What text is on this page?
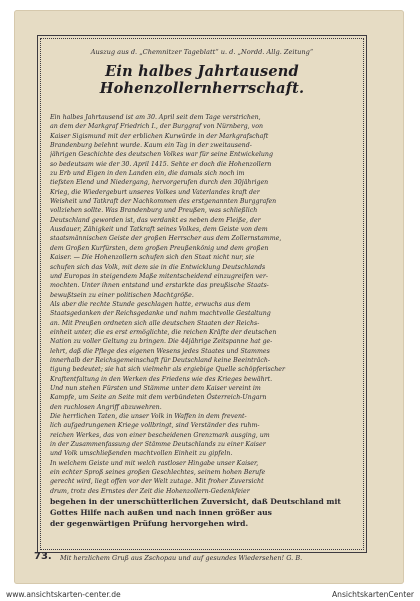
Auszug aus d. „Chemnitzer Tageblatt“ u. d. „Nordd. Allg. Zeitung“
Ein halbes Jahrtausend
Hohenzollernherrschaft.
Ein halbes Jahrtausend ist am 30. April seit dem Tage verstrichen,
an dem der Markgraf Friedrich I., der Burggraf von Nürnberg, von
Kaiser Sigismund mit der erblichen Kurwürde in der Markgrafschaft
Brandenburg belehnt wurde. Kaum ein Tag in der zweitausend-
jährigen Geschichte des deutschen Volkes war für seine Entwickelung
so bedeutsam wie der 30. April 1415. Sehte er doch die Hohenzollern
zu Erb und Eigen in den Landen ein, die damals sich noch im
tiefsten Elend und Niedergang, hervorgerufen durch den 30jährigen
Krieg, die Wiedergeburt unseres Volkes und Vaterlandes kraft der
Weisheit und Tatkraft der Nachkommen des erstgenannten Burggrafen
vollziehen sollte. Was Brandenburg und Preußen, was schließlich
Deutschland geworden ist, das verdankt es neben dem Fleiße, der
Ausdauer, Zähigkeit und Tatkraft seines Volkes, dem Geiste von dem
staatsmännischen Geiste der großen Herrscher aus dem Zollernstamme,
dem Großen Kurfürsten, dem großen Preußenkönig und dem großen
Kaiser. — Die Hohenzollern schufen sich den Staat nicht nur, sie
schufen sich das Volk, mit dem sie in die Entwicklung Deutschlands
und Europas in steigendem Maße mitentscheidend einzugreifen ver-
mochten. Unter ihnen entstand und erstarkte das preußische Staats-
bewußtsein zu einer politischen Machtgröße.
Als aber die rechte Stunde geschlagen hatte, erwuchs aus dem
Staatsgedanken der Reichsgedanke und nahm machtvolle Gestaltung
an. Mit Preußen ordneten sich alle deutschen Staaten der Reichs-
einheit unter, die es erst ermöglichte, die reichen Kräfte der deutschen
Nation zu voller Geltung zu bringen. Die 44jährige Zeitspanne hat ge-
lehrt, daß die Pflege des eigenen Wesens jedes Staates und Stammes
innerhalb der Reichsgemeinschaft für Deutschland keine Beeinträch-
tigung bedeutet; sie hat sich vielmehr als ergiebige Quelle schöpferischer
Kraftentfaltung in den Werken des Friedens wie des Krieges bewährt.
Und nun stehen Fürsten und Stämme unter dem Kaiser vereint im
Kampfe, um Seite an Seite mit dem verbündeten Österreich-Ungarn
den ruchlosen Angriff abzuwehren.
Die herrlichen Taten, die unser Volk in Waffen in dem frevent-
lich aufgedrungenen Kriege vollbringt, sind Verständer des ruhm-
reichen Werkes, das von einer bescheidenen Grenzmark ausging, um
in der Zusammenfassung der Stämme Deutschlands zu einer Kaiser
und Volk umschließenden machtvollen Einheit zu gipfeln.
In welchem Geiste und mit welch rastloser Hingabe unser Kaiser,
ein echter Sproß seines großen Geschlechtes, seinem hohen Berufe
gerecht wird, liegt offen vor der Welt zutage. Mit froher Zuversicht
drum, trotz des Ernstes der Zeit die Hohenzollern-Gedenkfeier
begehen in der unerschütterlichen Zuversicht, daß Deutschland mit
Gottes Hilfe nach außen und nach innen größer aus
der gegenwärtigen Prüfung hervorgehen wird.
73. Mit herzlichem Gruß aus Zschopau und auf gesundes Wiedersehen! G. B.
www.ansichtskarten-center.de	AnsichtskartenCenter
